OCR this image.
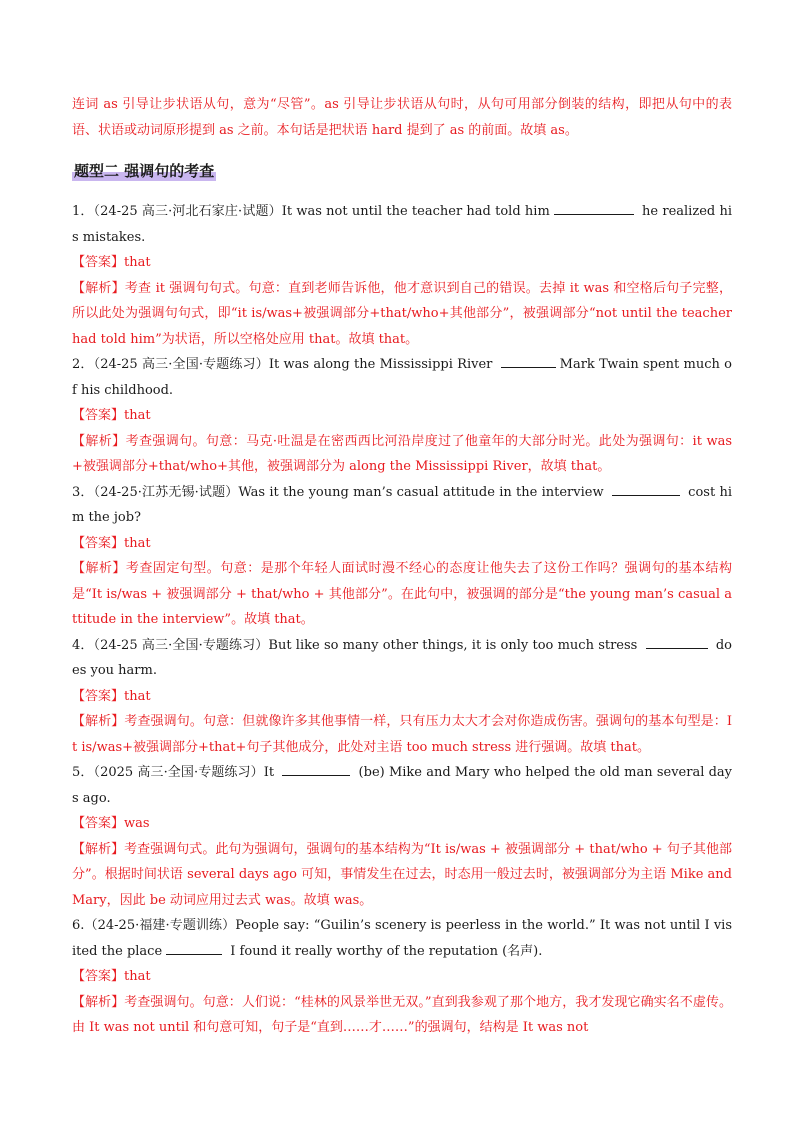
连词 as 引导让步状语从句，意为“尽管”。as 引导让步状语从句时，从句可用部分倒装的结构，即把从句中的表语、状语或动词原形提到 as 之前。本句话是把状语 hard 提到了 as 的前面。故填 as。

题型二 强调句的考查

1．（24-25 高三·河北石家庄·试题）It was not until the teacher had told him	he realized his mistakes.

【答案】that

【解析】考查 it 强调句句式。句意：直到老师告诉他，他才意识到自己的错误。去掉 it was 和空格后句子完整，所以此处为强调句句式，即“it is/was+被强调部分+that/who+其他部分”，被强调部分“not until the teacher had told him”为状语，所以空格处应用 that。故填 that。

2．（24-25 高三·全国·专题练习）It was along the Mississippi River	Mark Twain spent much of his childhood.

【答案】that

【解析】考查强调句。句意：马克·吐温是在密西西比河沿岸度过了他童年的大部分时光。此处为强调句：it was+被强调部分+that/who+其他，被强调部分为 along the Mississippi River，故填 that。

3．（24-25·江苏无锡·试题）Was it the young man’s casual attitude in the interview	cost him the job?

【答案】that

【解析】考查固定句型。句意：是那个年轻人面试时漫不经心的态度让他失去了这份工作吗？强调句的基本结构是“It is/was + 被强调部分 + that/who + 其他部分”。在此句中，被强调的部分是“the young man’s casual attitude in the interview”。故填 that。

4．（24-25 高三·全国·专题练习）But like so many other things, it is only too much stress	does you harm.

【答案】that

【解析】考查强调句。句意：但就像许多其他事情一样，只有压力太大才会对你造成伤害。强调句的基本句型是：It is/was+被强调部分+that+句子其他成分，此处对主语 too much stress 进行强调。故填 that。

5．（2025 高三·全国·专题练习）It	(be) Mike and Mary who helped the old man several days ago.

【答案】was

【解析】考查强调句式。此句为强调句，强调句的基本结构为“It is/was + 被强调部分 + that/who + 句子其他部分”。根据时间状语 several days ago 可知，事情发生在过去，时态用一般过去时，被强调部分为主语 Mike and Mary，因此 be 动词应用过去式 was。故填 was。

6.（24-25·福建·专题训练）People say: “Guilin’s scenery is peerless in the world.” It was not until I visited the place	I found it really worthy of the reputation (名声).

【答案】that

【解析】考查强调句。句意：人们说：“桂林的风景举世无双。”直到我参观了那个地方，我才发现它确实名不虚传。由 It was not until 和句意可知，句子是“直到……才……”的强调句，结构是 It was not
